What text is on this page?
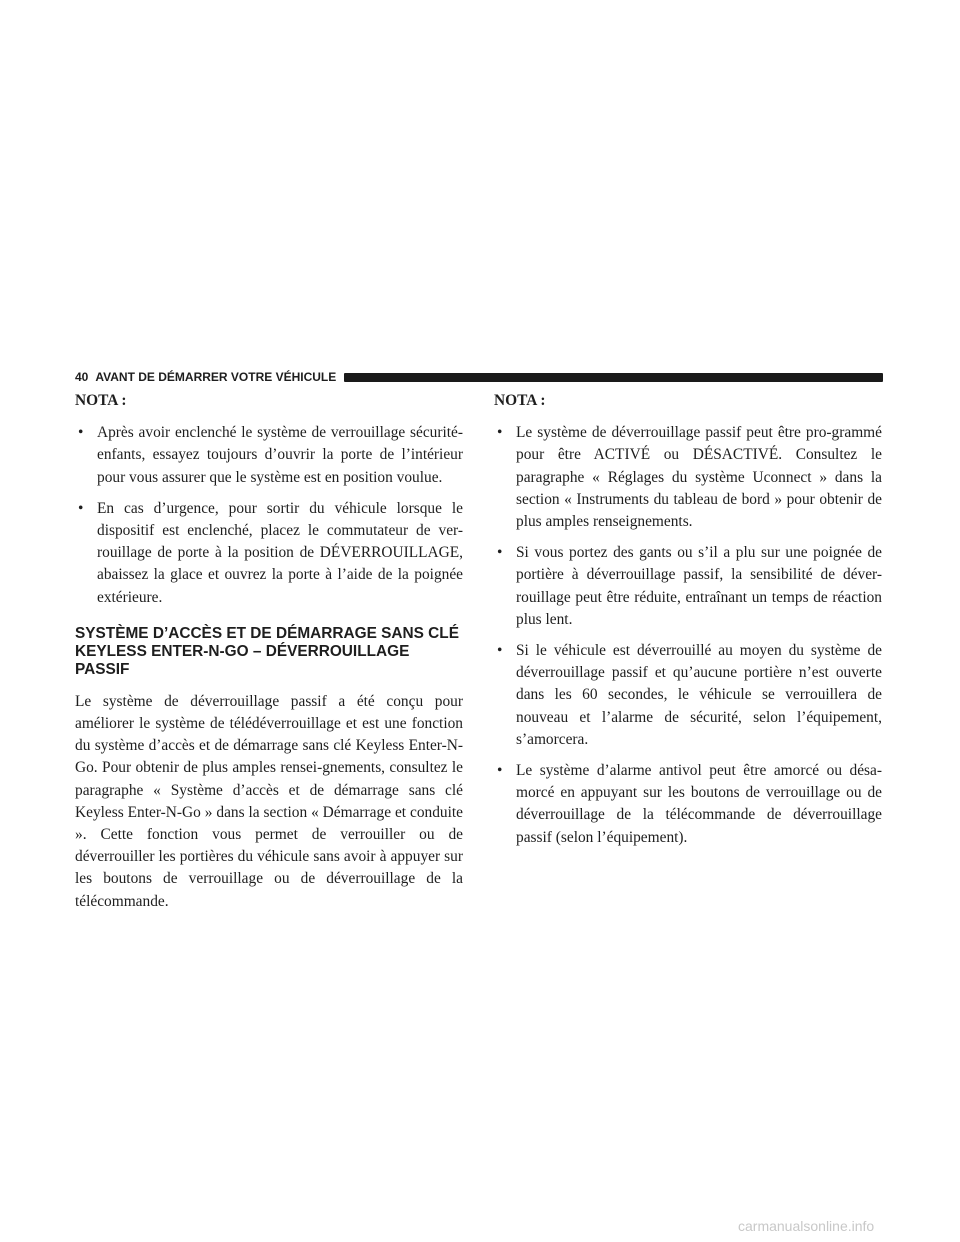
40 AVANT DE DÉMARRER VOTRE VÉHICULE
NOTA :
• Après avoir enclenché le système de verrouillage sécurité-enfants, essayez toujours d’ouvrir la porte de l’intérieur pour vous assurer que le système est en position voulue.
• En cas d’urgence, pour sortir du véhicule lorsque le dispositif est enclenché, placez le commutateur de ver-rouillage de porte à la position de DÉVERROUILLAGE, abaissez la glace et ouvrez la porte à l’aide de la poignée extérieure.
SYSTÈME D’ACCÈS ET DE DÉMARRAGE SANS CLÉ KEYLESS ENTER-N-GO – DÉVERROUILLAGE PASSIF

Le système de déverrouillage passif a été conçu pour améliorer le système de télédéverrouillage et est une fonction du système d’accès et de démarrage sans clé Keyless Enter-N-Go. Pour obtenir de plus amples rensei-gnements, consultez le paragraphe « Système d’accès et de démarrage sans clé Keyless Enter-N-Go » dans la section « Démarrage et conduite ». Cette fonction vous permet de verrouiller ou de déverrouiller les portières du véhicule sans avoir à appuyer sur les boutons de verrouillage ou de déverrouillage de la télécommande.

NOTA :
• Le système de déverrouillage passif peut être pro-grammé pour être ACTIVÉ ou DÉSACTIVÉ. Consultez le paragraphe « Réglages du système Uconnect » dans la section « Instruments du tableau de bord » pour obtenir de plus amples renseignements.
• Si vous portez des gants ou s’il a plu sur une poignée de portière à déverrouillage passif, la sensibilité de déver-rouillage peut être réduite, entraînant un temps de réaction plus lent.
• Si le véhicule est déverrouillé au moyen du système de déverrouillage passif et qu’aucune portière n’est ouverte dans les 60 secondes, le véhicule se verrouillera de nouveau et l’alarme de sécurité, selon l’équipement, s’amorcera.
• Le système d’alarme antivol peut être amorcé ou désa-morcé en appuyant sur les boutons de verrouillage ou de déverrouillage de la télécommande de déverrouillage passif (selon l’équipement).
carmanualsonline.info
